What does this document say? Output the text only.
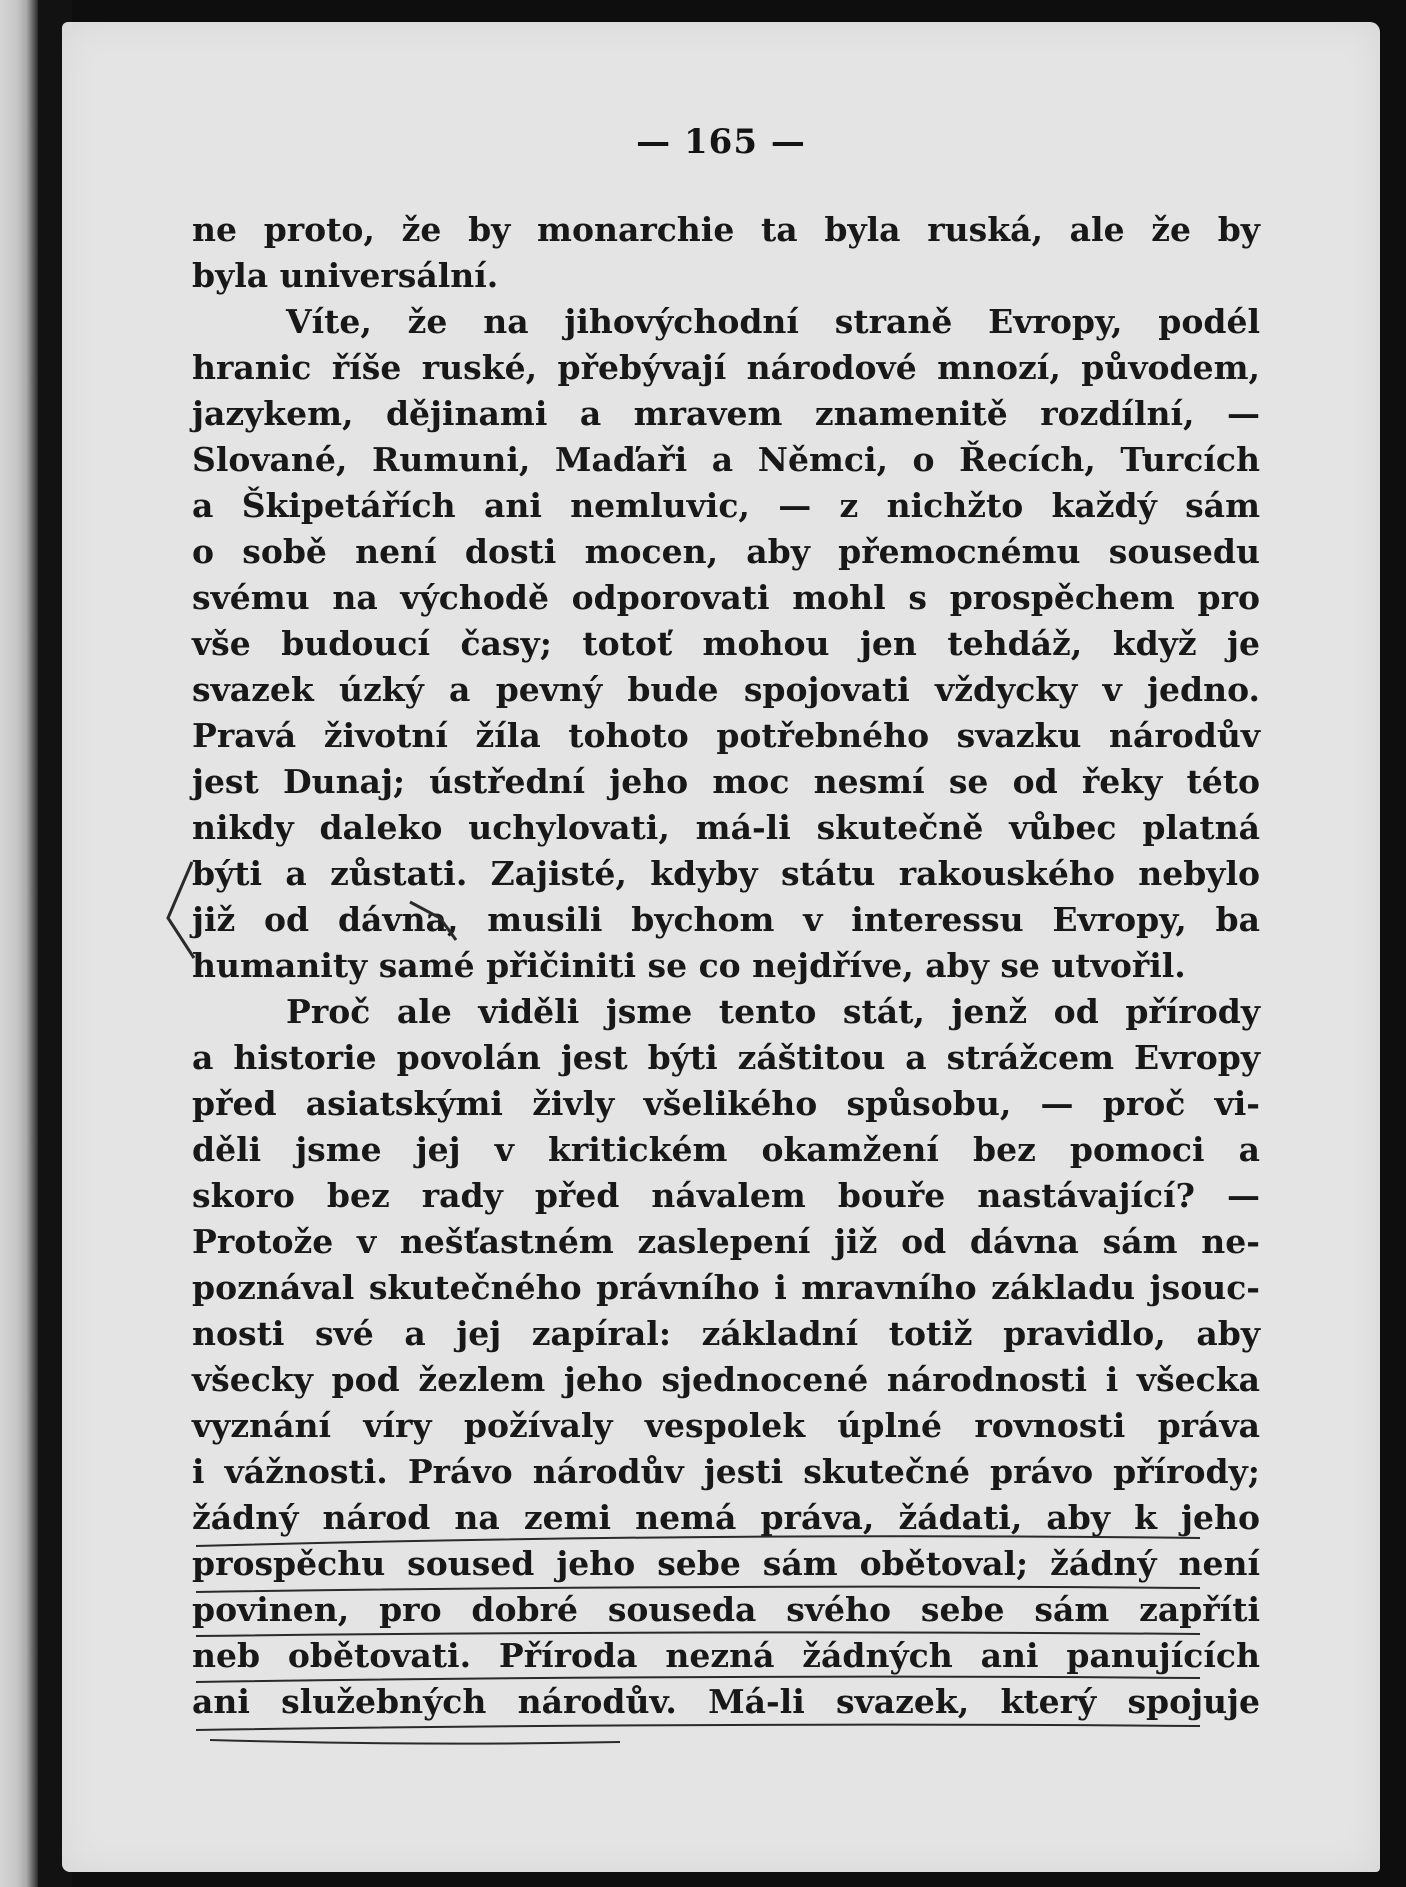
— 165 —
ne proto, že by monarchie ta byla ruská, ale že by
byla universální.
Víte, že na jihovýchodní straně Evropy, podél
hranic říše ruské, přebývají národové mnozí, původem,
jazykem, dějinami a mravem znamenitě rozdílní, —
Slované, Rumuni, Maďaři a Němci, o Řecích, Turcích
a Škipetářích ani nemluvic, — z nichžto každý sám
o sobě není dosti mocen, aby přemocnému sousedu
svému na východě odporovati mohl s prospěchem pro
vše budoucí časy; totoť mohou jen tehdáž, když je
svazek úzký a pevný bude spojovati vždycky v jedno.
Pravá životní žíla tohoto potřebného svazku národův
jest Dunaj; ústřední jeho moc nesmí se od řeky této
nikdy daleko uchylovati, má-li skutečně vůbec platná
býti a zůstati. Zajisté, kdyby státu rakouského nebylo
již od dávna, musili bychom v interessu Evropy, ba
humanity samé přičiniti se co nejdříve, aby se utvořil.
Proč ale viděli jsme tento stát, jenž od přírody
a historie povolán jest býti záštitou a strážcem Evropy
před asiatskými živly všelikého spůsobu, — proč vi-
děli jsme jej v kritickém okamžení bez pomoci a
skoro bez rady před návalem bouře nastávající? —
Protože v nešťastném zaslepení již od dávna sám ne-
poznával skutečného právního i mravního základu jsouc-
nosti své a jej zapíral: základní totiž pravidlo, aby
všecky pod žezlem jeho sjednocené národnosti i všecka
vyznání víry požívaly vespolek úplné rovnosti práva
i vážnosti. Právo národův jesti skutečné právo přírody;
žádný národ na zemi nemá práva, žádati, aby k jeho
prospěchu soused jeho sebe sám obětoval; žádný není
povinen, pro dobré souseda svého sebe sám zapříti
neb obětovati. Příroda nezná žádných ani panujících
ani služebných národův. Má-li svazek, který spojuje
